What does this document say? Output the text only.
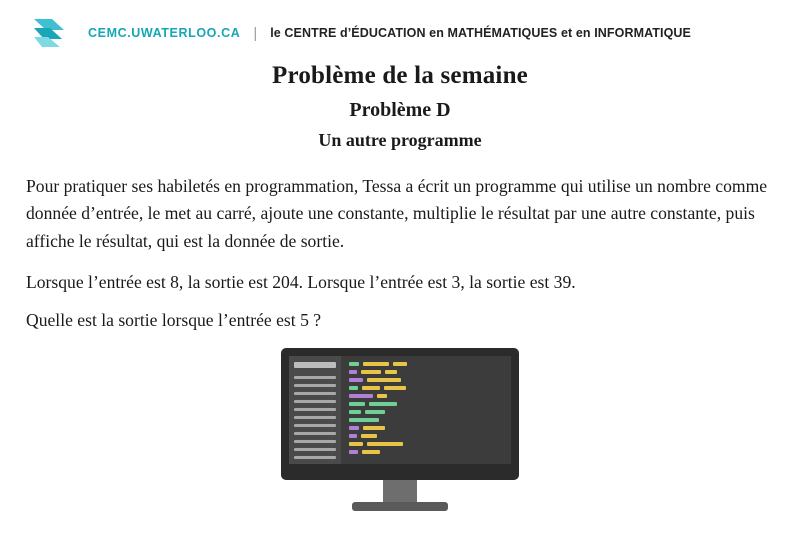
CEMC.UWATERLOO.CA | le CENTRE d’ÉDUCATION en MATHÉMATIQUES et en INFORMATIQUE
Problème de la semaine
Problème D
Un autre programme

Pour pratiquer ses habiletés en programmation, Tessa a écrit un programme qui utilise un nombre comme donnée d’entrée, le met au carré, ajoute une constante, multiplie le résultat par une autre constante, puis affiche le résultat, qui est la donnée de sortie.

Lorsque l’entrée est 8, la sortie est 204. Lorsque l’entrée est 3, la sortie est 39.

Quelle est la sortie lorsque l’entrée est 5 ?
